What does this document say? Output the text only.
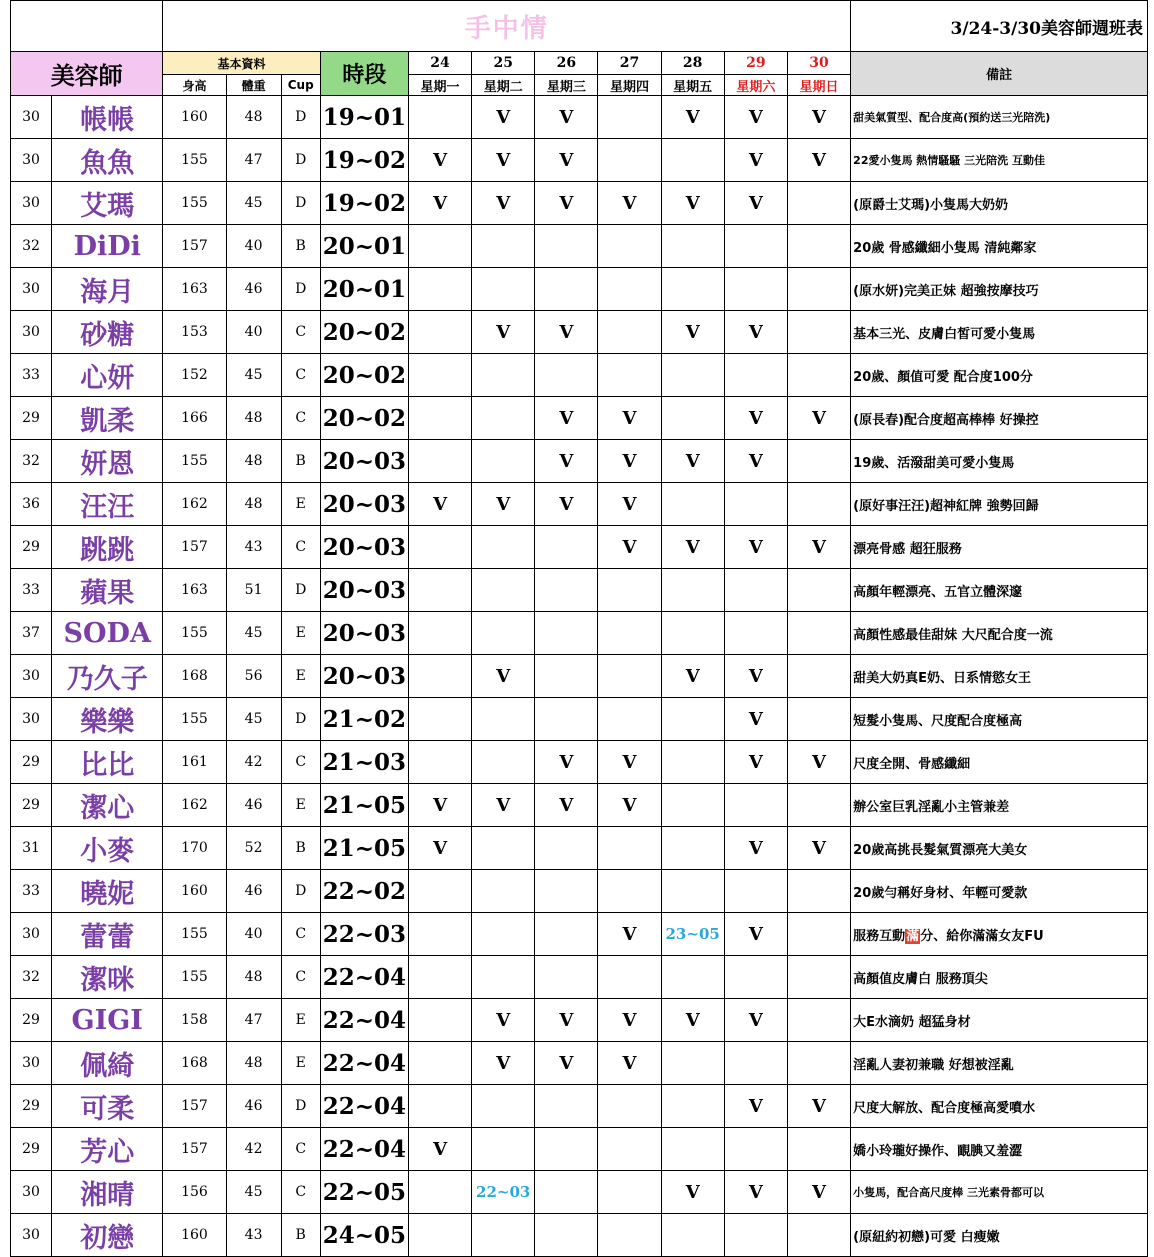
		手中情											3/24-3/30美容師週班表
美容師		基本資料			時段	24	25	26	27	28	29	30	備註
		身高	體重	Cup		星期一	星期二	星期三	星期四	星期五	星期六	星期日	
30	帳帳	160	48	D	19~01		V	V		V	V	V	甜美氣質型、配合度高(預約送三光陪洗)
30	魚魚	155	47	D	19~02	V	V	V			V	V	22愛小隻馬 熱情騷騷 三光陪洗 互動佳
30	艾瑪	155	45	D	19~02	V	V	V	V	V	V		(原爵士艾瑪)小隻馬大奶奶
32	DiDi	157	40	B	20~01								20歲 骨感纖細小隻馬 清純鄰家
30	海月	163	46	D	20~01								(原水妍)完美正妹 超強按摩技巧
30	砂糖	153	40	C	20~02		V	V		V	V		基本三光、皮膚白皙可愛小隻馬
33	心妍	152	45	C	20~02								20歲、顏值可愛 配合度100分
29	凱柔	166	48	C	20~02			V	V		V	V	(原長春)配合度超高棒棒 好操控
32	妍恩	155	48	B	20~03			V	V	V	V		19歲、活潑甜美可愛小隻馬
36	汪汪	162	48	E	20~03	V	V	V	V				(原好事汪汪)超神紅牌 強勢回歸
29	跳跳	157	43	C	20~03				V	V	V	V	漂亮骨感 超狂服務
33	蘋果	163	51	D	20~03								高顏年輕漂亮、五官立體深邃
37	SODA	155	45	E	20~03								高顏性感最佳甜妹 大尺配合度一流
30	乃久子	168	56	E	20~03		V			V	V		甜美大奶真E奶、日系情慾女王
30	樂樂	155	45	D	21~02						V		短髮小隻馬、尺度配合度極高
29	比比	161	42	C	21~03			V	V		V	V	尺度全開、骨感纖細
29	潔心	162	46	E	21~05	V	V	V	V				辦公室巨乳淫亂小主管兼差
31	小麥	170	52	B	21~05	V					V	V	20歲高挑長髮氣質漂亮大美女
33	曉妮	160	46	D	22~02								20歲勻稱好身材、年輕可愛款
30	蕾蕾	155	40	C	22~03				V	23~05	V		服務互動滿分、給你滿滿女友FU
32	潔咪	155	48	C	22~04								高顏值皮膚白 服務頂尖
29	GIGI	158	47	E	22~04		V	V	V	V	V		大E水滴奶 超猛身材
30	佩綺	168	48	E	22~04		V	V	V				淫亂人妻初兼職 好想被淫亂
29	可柔	157	46	D	22~04						V	V	尺度大解放、配合度極高愛噴水
29	芳心	157	42	C	22~04	V							嬌小玲瓏好操作、靦腆又羞澀
30	湘晴	156	45	C	22~05		22~03			V	V	V	小隻馬，配合高尺度棒 三光素骨都可以
30	初戀	160	43	B	24~05								(原紐約初戀)可愛 白瘦嫩
